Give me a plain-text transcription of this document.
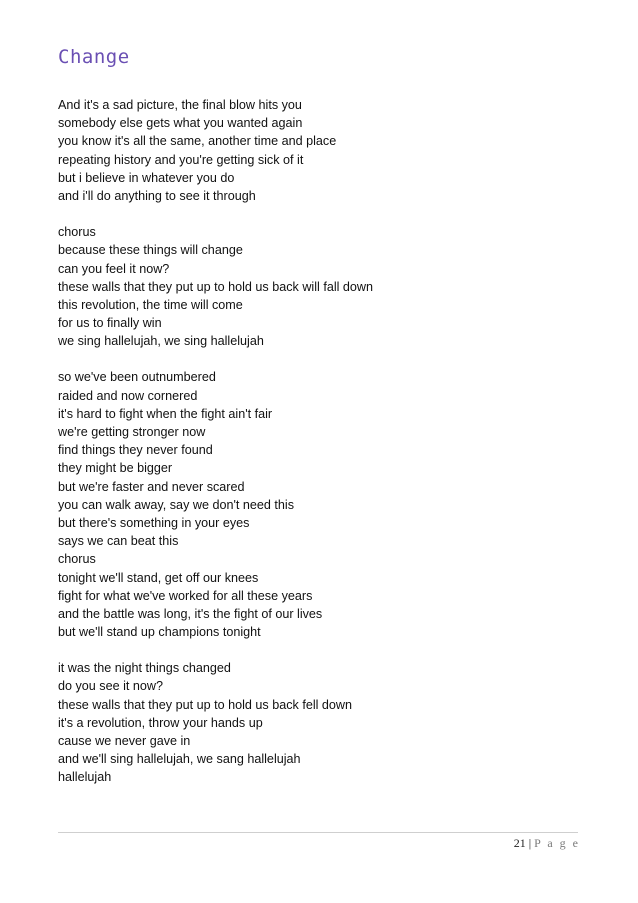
Change
And it's a sad picture, the final blow hits you
somebody else gets what you wanted again
you know it's all the same, another time and place
repeating history and you're getting sick of it
but i believe in whatever you do
and i'll do anything to see it through
chorus
because these things will change
can you feel it now?
these walls that they put up to hold us back will fall down
this revolution, the time will come
for us to finally win
we sing hallelujah, we sing hallelujah
so we've been outnumbered
raided and now cornered
it's hard to fight when the fight ain't fair
we're getting stronger now
find things they never found
they might be bigger
but we're faster and never scared
you can walk away, say we don't need this
but there's something in your eyes
says we can beat this
chorus
tonight we'll stand, get off our knees
fight for what we've worked for all these years
and the battle was long, it's the fight of our lives
but we'll stand up champions tonight
it was the night things changed
do you see it now?
these walls that they put up to hold us back fell down
it's a revolution, throw your hands up
cause we never gave in
and we'll sing hallelujah, we sang hallelujah
hallelujah
21 | P a g e
